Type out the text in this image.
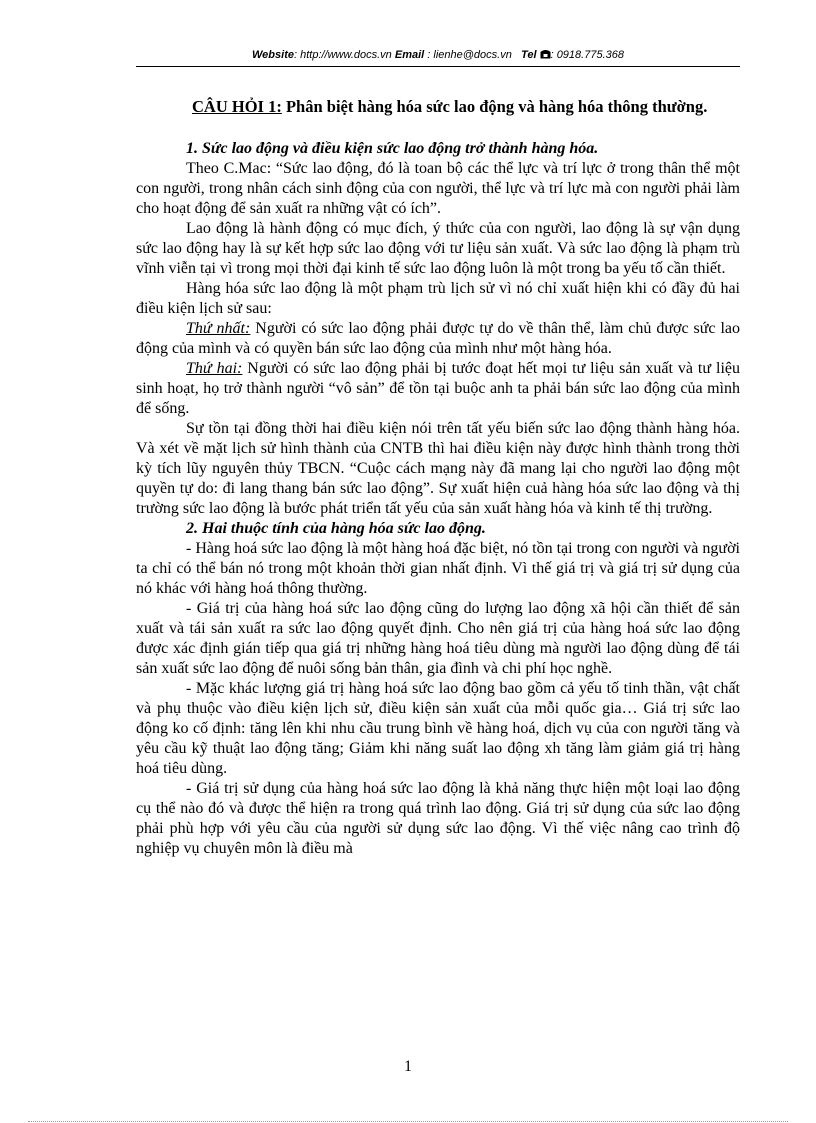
Website: http://www.docs.vn Email : lienhe@docs.vn Tel : 0918.775.368

CÂU HỎI 1: Phân biệt hàng hóa sức lao động và hàng hóa thông thường.

1. Sức lao động và điều kiện sức lao động trở thành hàng hóa.

Theo C.Mac: “Sức lao động, đó là toan bộ các thể lực và trí lực ở trong thân thể một con người, trong nhân cách sinh động của con người, thể lực và trí lực mà con người phải làm cho hoạt động để sản xuất ra những vật có ích”.

Lao động là hành động có mục đích, ý thức của con người, lao động là sự vận dụng sức lao động hay là sự kết hợp sức lao động với tư liệu sản xuất. Và sức lao động là phạm trù vĩnh viễn tại vì trong mọi thời đại kinh tế sức lao động luôn là một trong ba yếu tố cần thiết.

Hàng hóa sức lao động là một phạm trù lịch sử vì nó chỉ xuất hiện khi có đầy đủ hai điều kiện lịch sử sau:

Thứ nhất: Người có sức lao động phải được tự do về thân thể, làm chủ được sức lao động của mình và có quyền bán sức lao động của mình như một hàng hóa.

Thứ hai: Người có sức lao động phải bị tước đoạt hết mọi tư liệu sản xuất và tư liệu sinh hoạt, họ trở thành người “vô sản” để tồn tại buộc anh ta phải bán sức lao động của mình để sống.

Sự tồn tại đồng thời hai điều kiện nói trên tất yếu biến sức lao động thành hàng hóa. Và xét về mặt lịch sử hình thành của CNTB thì hai điều kiện này được hình thành trong thời kỳ tích lũy nguyên thủy TBCN. “Cuộc cách mạng này đã mang lại cho người lao động một quyền tự do: đi lang thang bán sức lao động”. Sự xuất hiện cuả hàng hóa sức lao động và thị trường sức lao động là bước phát triển tất yếu của sản xuất hàng hóa và kinh tế thị trường.

2. Hai thuộc tính của hàng hóa sức lao động.

- Hàng hoá sức lao động là một hàng hoá đặc biệt, nó tồn tại trong con người và người ta chỉ có thể bán nó trong một khoản thời gian nhất định. Vì thế giá trị và giá trị sử dụng của nó khác với hàng hoá thông thường.

- Giá trị của hàng hoá sức lao động cũng do lượng lao động xã hội cần thiết để sản xuất và tái sản xuất ra sức lao động quyết định. Cho nên giá trị của hàng hoá sức lao động được xác định gián tiếp qua giá trị những hàng hoá tiêu dùng mà người lao động dùng để tái sản xuất sức lao động để nuôi sống bản thân, gia đình và chi phí học nghề.

- Mặc khác lượng giá trị hàng hoá sức lao động bao gồm cả yếu tố tinh thần, vật chất và phụ thuộc vào điều kiện lịch sử, điều kiện sản xuất của mỗi quốc gia… Giá trị sức lao động ko cố định: tăng lên khi nhu cầu trung bình về hàng hoá, dịch vụ của con người tăng và yêu cầu kỹ thuật lao động tăng; Giảm khi năng suất lao động xh tăng làm giảm giá trị hàng hoá tiêu dùng.

- Giá trị sử dụng của hàng hoá sức lao động là khả năng thực hiện một loại lao động cụ thể nào đó và được thể hiện ra trong quá trình lao động. Giá trị sử dụng của sức lao động phải phù hợp với yêu cầu của người sử dụng sức lao động. Vì thế việc nâng cao trình độ nghiệp vụ chuyên môn là điều mà

1
